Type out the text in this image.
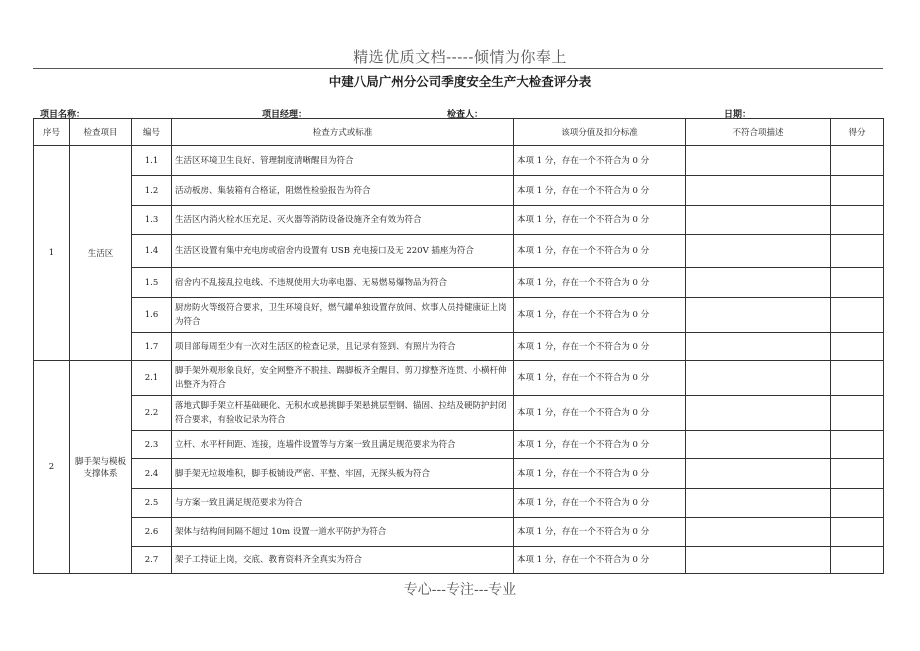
精选优质文档-----倾情为你奉上
中建八局广州分公司季度安全生产大检查评分表
项目名称：	项目经理：	检查人：	日期：
序号	检查项目	编号	检查方式或标准	该项分值及扣分标准	不符合项描述	得分
1	生活区	1.1	生活区环境卫生良好、管理制度清晰醒目为符合	本项 1 分，存在一个不符合为 0 分		
		1.2	活动板房、集装箱有合格证，阻燃性检验报告为符合	本项 1 分，存在一个不符合为 0 分		
		1.3	生活区内消火栓水压充足、灭火器等消防设备设施齐全有效为符合	本项 1 分，存在一个不符合为 0 分		
		1.4	生活区设置有集中充电房或宿舍内设置有 USB 充电接口及无 220V 插座为符合	本项 1 分，存在一个不符合为 0 分		
		1.5	宿舍内不乱接乱拉电线、不违规使用大功率电器、无易燃易爆物品为符合	本项 1 分，存在一个不符合为 0 分		
		1.6	厨房防火等级符合要求，卫生环境良好，燃气罐单独设置存放间、炊事人员持健康证上岗为符合	本项 1 分，存在一个不符合为 0 分		
		1.7	项目部每周至少有一次对生活区的检查记录，且记录有签到、有照片为符合	本项 1 分，存在一个不符合为 0 分		
2	脚手架与模板支撑体系	2.1	脚手架外观形象良好，安全网整齐不脱挂、踢脚板齐全醒目、剪刀撑整齐连贯、小横杆伸出整齐为符合	本项 1 分，存在一个不符合为 0 分		
		2.2	落地式脚手架立杆基础硬化、无积水或悬挑脚手架悬挑层型钢、锚固、拉结及硬防护封闭符合要求，有验收记录为符合	本项 1 分，存在一个不符合为 0 分		
		2.3	立杆、水平杆间距、连接，连墙件设置等与方案一致且满足规范要求为符合	本项 1 分，存在一个不符合为 0 分		
		2.4	脚手架无垃圾堆积，脚手板铺设严密、平整、牢固，无探头板为符合	本项 1 分，存在一个不符合为 0 分		
		2.5	与方案一致且满足规范要求为符合	本项 1 分，存在一个不符合为 0 分		
		2.6	架体与结构间间隔不超过 10m 设置一道水平防护为符合	本项 1 分，存在一个不符合为 0 分		
		2.7	架子工持证上岗，交底、教育资料齐全真实为符合	本项 1 分，存在一个不符合为 0 分		
专心---专注---专业
